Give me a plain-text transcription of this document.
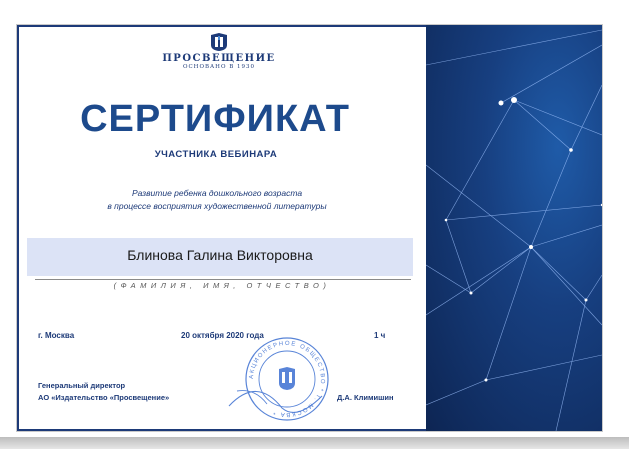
ПРОСВЕЩЕНИЕ
ОСНОВАНО В 1930
СЕРТИФИКАТ
УЧАСТНИКА ВЕБИНАРА
Развитие ребенка дошкольного возраста
в процессе восприятия художественной литературы
Блинова Галина Викторовна
(ФАМИЛИЯ, ИМЯ, ОТЧЕСТВО)
г. Москва	20 октября 2020 года	1 ч
АКЦИОНЕРНОЕ ОБЩЕСТВО * Г. МОСКВА *
Генеральный директор
АО «Издательство «Просвещение»	Д.А. Климишин
